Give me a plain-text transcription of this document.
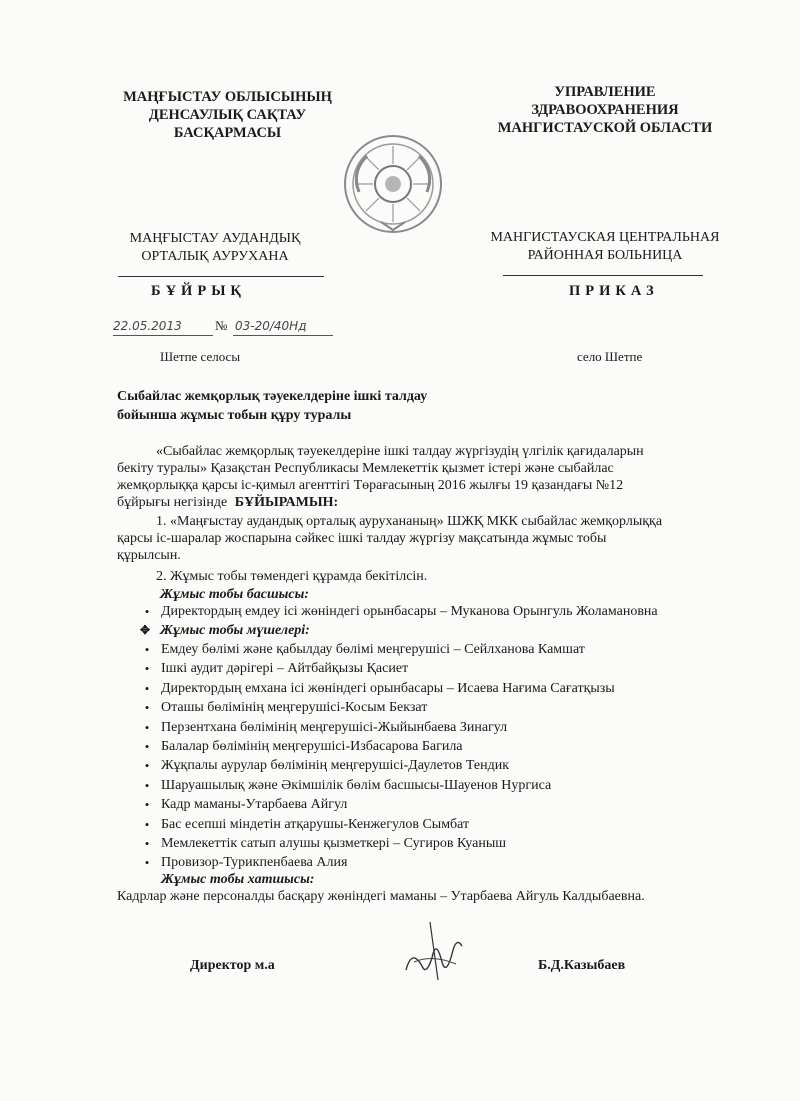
МАҢҒЫСТАУ ОБЛЫСЫНЫҢ
ДЕНСАУЛЫҚ САҚТАУ
БАСҚАРМАСЫ
УПРАВЛЕНИЕ
ЗДРАВООХРАНЕНИЯ
МАНГИСТАУСКОЙ ОБЛАСТИ
МАҢҒЫСТАУ АУДАНДЫҚ
ОРТАЛЫҚ АУРУХАНА
МАНГИСТАУСКАЯ ЦЕНТРАЛЬНАЯ
РАЙОННАЯ БОЛЬНИЦА
БҰЙРЫҚ	ПРИКАЗ
22.05.2013	№ 03-20/40Нд
Шетпе селосы	село Шетпе
Сыбайлас жемқорлық тәуекелдеріне ішкі талдау
бойынша жұмыс тобын құру туралы
«Сыбайлас жемқорлық тәуекелдеріне ішкі талдау жүргізудің үлгілік қағидаларын
бекіту туралы» Қазақстан Республикасы Мемлекеттік қызмет істері және сыбайлас
жемқорлыққа қарсы іс-қимыл агенттігі Төрағасының 2016 жылғы 19 қазандағы №12
бұйрығы негізінде БҰЙЫРАМЫН:
1. «Маңғыстау аудандық орталық аурухананың» ШЖҚ МКК сыбайлас жемқорлыққа
қарсы іс-шаралар жоспарына сәйкес ішкі талдау жүргізу мақсатында жұмыс тобы
құрылсын.
2. Жұмыс тобы төмендегі құрамда бекітілсін.
Жұмыс тобы басшысы:
• Директордың емдеу ісі жөніндегі орынбасары – Муканова Орынгуль Жоламановна
✥ Жұмыс тобы мүшелері:
• Емдеу бөлімі және қабылдау бөлімі меңгерушісі – Сейлханова Камшат
• Ішкі аудит дәрігері – Айтбайқызы Қасиет
• Директордың емхана ісі жөніндегі орынбасары – Исаева Нағима Сағатқызы
• Оташы бөлімінің меңгерушісі-Косым Бекзат
• Перзентхана бөлімінің меңгерушісі-Жыйынбаева Зинагул
• Балалар бөлімінің меңгерушісі-Избасарова Багила
• Жұқпалы аурулар бөлімінің меңгерушісі-Даулетов Тендик
• Шаруашылық және Әкімшілік бөлім басшысы-Шауенов Нургиса
• Кадр маманы-Утарбаева Айгул
• Бас есепші міндетін атқарушы-Кенжегулов Сымбат
• Мемлекеттік сатып алушы қызметкері – Сугиров Куаныш
• Провизор-Турикпенбаева Алия
Жұмыс тобы хатшысы:
Кадрлар және персоналды басқару жөніндегі маманы – Утарбаева Айгуль Калдыбаевна.
Директор м.а	Б.Д.Казыбаев
